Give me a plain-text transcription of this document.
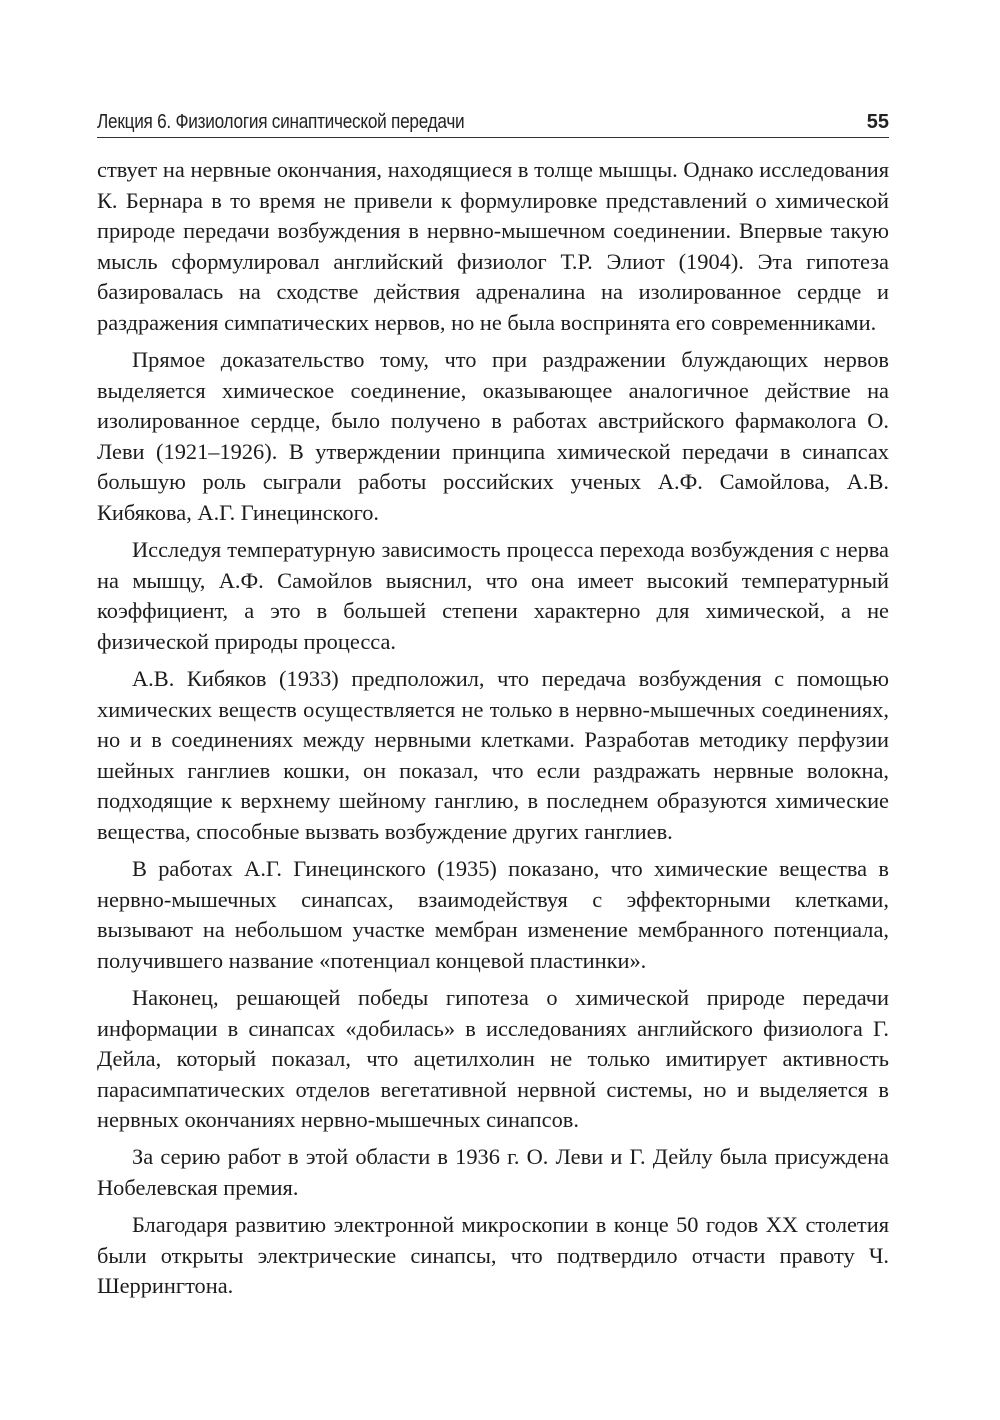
Лекция 6. Физиология синаптической передачи	55

ствует на нервные окончания, находящиеся в толще мышцы. Однако исследования К. Бернара в то время не привели к формулировке представлений о химической природе передачи возбуждения в нервно-мышечном соединении. Впервые такую мысль сформулировал английский физиолог Т.Р. Элиот (1904). Эта гипотеза базировалась на сходстве действия адреналина на изолированное сердце и раздражения симпатических нервов, но не была воспринята его современниками.

Прямое доказательство тому, что при раздражении блуждающих нервов выделяется химическое соединение, оказывающее аналогичное действие на изолированное сердце, было получено в работах австрийского фармаколога О. Леви (1921–1926). В утверждении принципа химической передачи в синапсах большую роль сыграли работы российских ученых А.Ф. Самойлова, А.В. Кибякова, А.Г. Гинецинского.

Исследуя температурную зависимость процесса перехода возбуждения с нерва на мышцу, А.Ф. Самойлов выяснил, что она имеет высокий температурный коэффициент, а это в большей степени характерно для химической, а не физической природы процесса.

А.В. Кибяков (1933) предположил, что передача возбуждения с помощью химических веществ осуществляется не только в нервно-мышечных соединениях, но и в соединениях между нервными клетками. Разработав методику перфузии шейных ганглиев кошки, он показал, что если раздражать нервные волокна, подходящие к верхнему шейному ганглию, в последнем образуются химические вещества, способные вызвать возбуждение других ганглиев.

В работах А.Г. Гинецинского (1935) показано, что химические вещества в нервно-мышечных синапсах, взаимодействуя с эффекторными клетками, вызывают на небольшом участке мембран изменение мембранного потенциала, получившего название «потенциал концевой пластинки».

Наконец, решающей победы гипотеза о химической природе передачи информации в синапсах «добилась» в исследованиях английского физиолога Г. Дейла, который показал, что ацетилхолин не только имитирует активность парасимпатических отделов вегетативной нервной системы, но и выделяется в нервных окончаниях нервно-мышечных синапсов.

За серию работ в этой области в 1936 г. О. Леви и Г. Дейлу была присуждена Нобелевская премия.

Благодаря развитию электронной микроскопии в конце 50 годов XX столетия были открыты электрические синапсы, что подтвердило отчасти правоту Ч. Шеррингтона.
